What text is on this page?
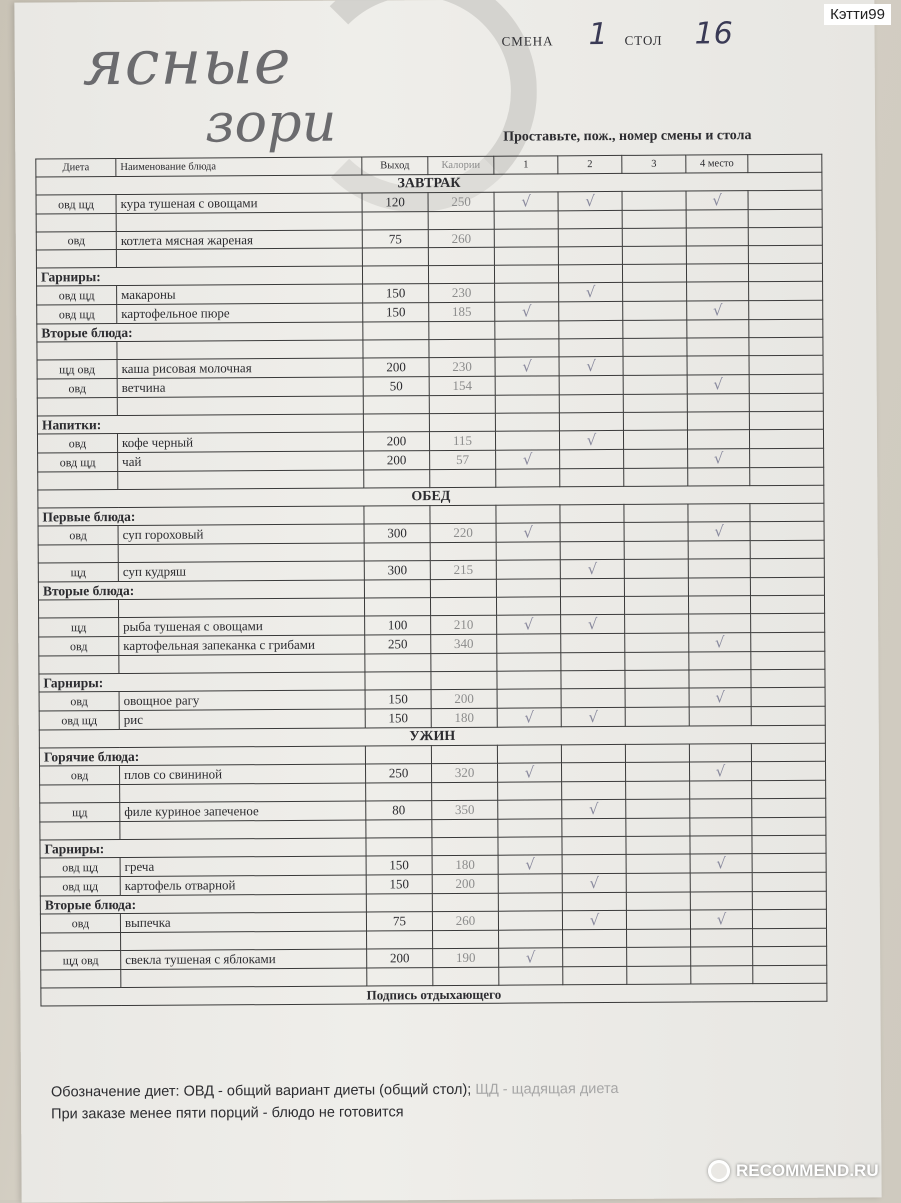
ясные
зори
СМЕНА 1 СТОЛ 16
Проставьте, пож., номер смены и стола
Диета	Наименование блюда	Выход	Калории	1	2	3	4 место	
ЗАВТРАК								
овд щд	кура тушеная с овощами	120	250	√	√		√	

овд	котлета мясная жареная	75	260					

Гарниры:								
овд щд	макароны	150	230		√			
овд щд	картофельное пюре	150	185	√			√	
Вторые блюда:								

щд овд	каша рисовая молочная	200	230	√	√			
овд	ветчина	50	154				√	

Напитки:								
овд	кофе черный	200	115		√			
овд щд	чай	200	57	√			√	

ОБЕД								
Первые блюда:								
овд	суп гороховый	300	220	√			√	

щд	суп кудряш	300	215		√			
Вторые блюда:								

щд	рыба тушеная с овощами	100	210	√	√			
овд	картофельная запеканка с грибами	250	340				√	

Гарниры:								
овд	овощное рагу	150	200				√	
овд щд	рис	150	180	√	√			
УЖИН								
Горячие блюда:								
овд	плов со свининой	250	320	√			√	

щд	филе куриное запеченое	80	350		√			

Гарниры:								
овд щд	греча	150	180	√			√	
овд щд	картофель отварной	150	200		√			
Вторые блюда:								
овд	выпечка	75	260		√		√	

щд овд	свекла тушеная с яблоками	200	190	√				

Подпись отдыхающего								
Обозначение диет: ОВД - общий вариант диеты (общий стол); ЩД - щадящая диета
При заказе менее пяти порций - блюдо не готовится
Кэтти99
RECOMMEND.RU
